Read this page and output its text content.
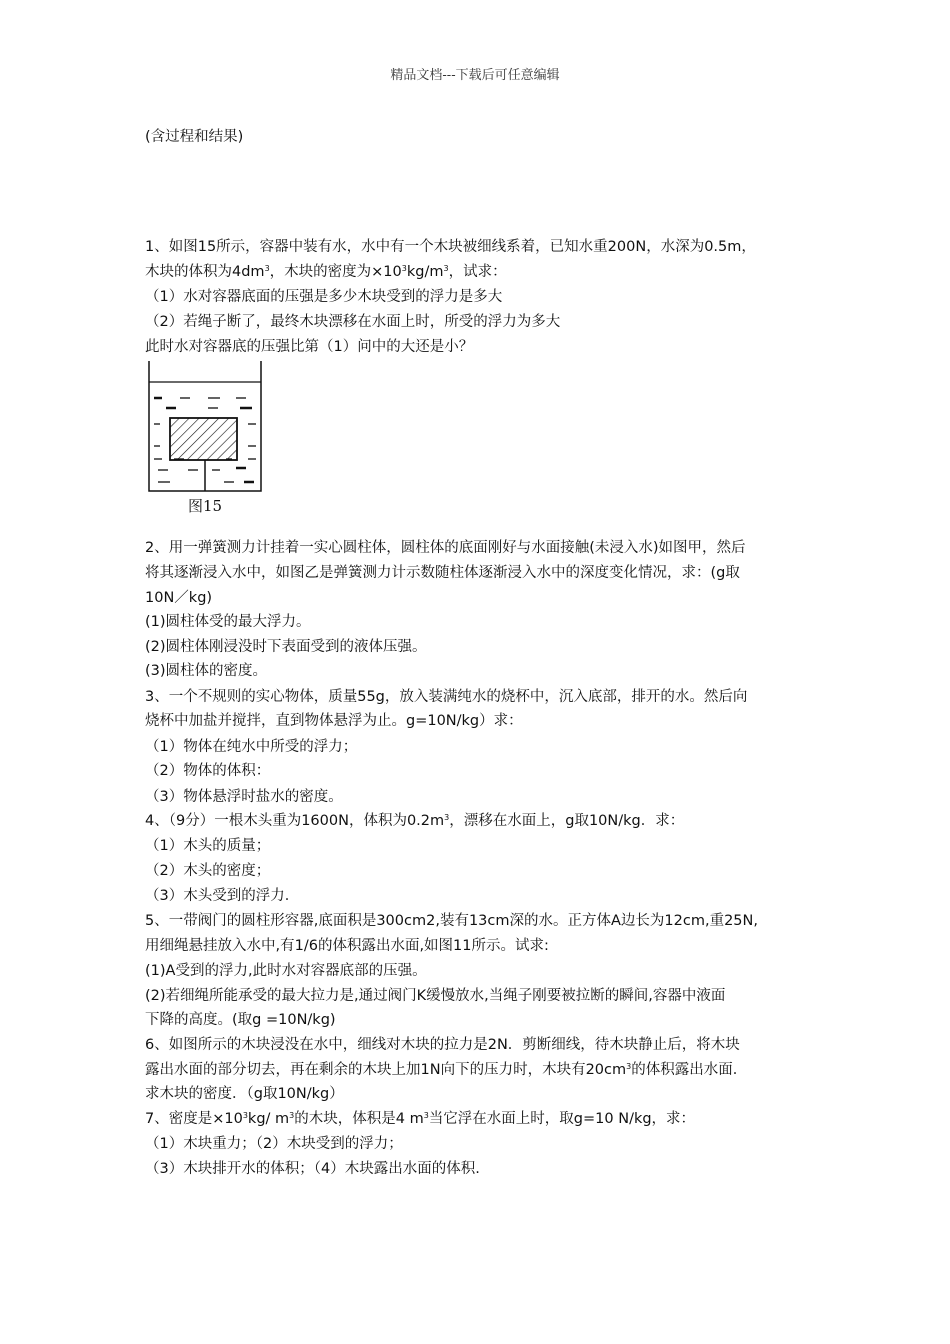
精品文档---下载后可任意编辑
(含过程和结果)
1、如图15所示，容器中装有水，水中有一个木块被细线系着，已知水重200N，水深为0.5m，
木块的体积为$4dm^3$，木块的密度为$\times 10^3kg/m^3$，试求：
（1）水对容器底面的压强是多少木块受到的浮力是多大
（2）若绳子断了，最终木块漂移在水面上时，所受的浮力为多大
此时水对容器底的压强比第（1）问中的大还是小？
图15
2、用一弹簧测力计挂着一实心圆柱体，圆柱体的底面刚好与水面接触(未浸入水)如图甲，然后
将其逐渐浸入水中，如图乙是弹簧测力计示数随柱体逐渐浸入水中的深度变化情况，求：(g取
10N／kg)
(1)圆柱体受的最大浮力。
(2)圆柱体刚浸没时下表面受到的液体压强。
(3)圆柱体的密度。
3、一个不规则的实心物体，质量55g，放入装满纯水的烧杯中，沉入底部，排开的水。然后向
烧杯中加盐并搅拌，直到物体悬浮为止。g=10N/kg）求：
（1）物体在纯水中所受的浮力；
（2）物体的体积：
（3）物体悬浮时盐水的密度。
4、（9分）一根木头重为1600N，体积为$0.2m^3$，漂移在水面上，g取10N/kg．求：
（1）木头的质量；
（2）木头的密度；
（3）木头受到的浮力．
5、一带阀门的圆柱形容器,底面积是300cm2,装有13cm深的水。正方体A边长为12cm,重25N,
用细绳悬挂放入水中,有1/6的体积露出水面,如图11所示。试求:
(1)A受到的浮力,此时水对容器底部的压强。
(2)若细绳所能承受的最大拉力是,通过阀门K缓慢放水,当绳子刚要被拉断的瞬间,容器中液面
下降的高度。(取g =10N/kg)
6、如图所示的木块浸没在水中，细线对木块的拉力是2N．剪断细线，待木块静止后，将木块
露出水面的部分切去，再在剩余的木块上加1N向下的压力时，木块有$20cm^3$的体积露出水面．
求木块的密度．（g取10N/kg）
7、密度是$\times 10^3kg/$ $m^3$的木块，体积是4 $m^3$当它浮在水面上时，取g=10 N/kg，求：
（1）木块重力；（2）木块受到的浮力；
（3）木块排开水的体积；（4）木块露出水面的体积.
